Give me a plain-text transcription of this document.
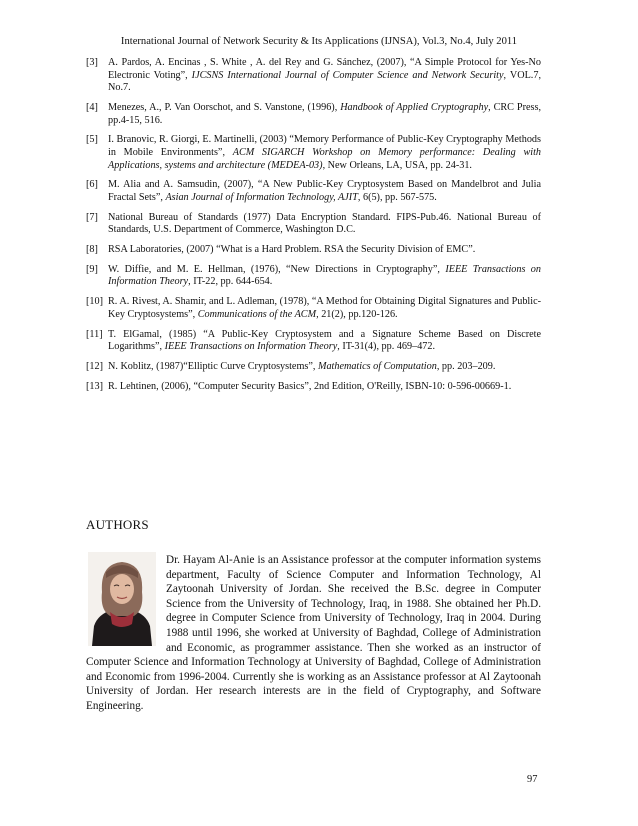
International Journal of Network Security & Its Applications (IJNSA), Vol.3, No.4, July 2011
[3] A. Pardos, A. Encinas , S. White , A. del Rey and G. Sánchez, (2007), “A Simple Protocol for Yes-No Electronic Voting”, IJCSNS International Journal of Computer Science and Network Security, VOL.7, No.7.
[4] Menezes, A., P. Van Oorschot, and S. Vanstone, (1996), Handbook of Applied Cryptography, CRC Press, pp.4-15, 516.
[5] I. Branovic, R. Giorgi, E. Martinelli, (2003) “Memory Performance of Public-Key Cryptography Methods in Mobile Environments”, ACM SIGARCH Workshop on Memory performance: Dealing with Applications, systems and architecture (MEDEA-03), New Orleans, LA, USA, pp. 24-31.
[6] M. Alia and A. Samsudin, (2007), “A New Public-Key Cryptosystem Based on Mandelbrot and Julia Fractal Sets”, Asian Journal of Information Technology, AJIT, 6(5), pp. 567-575.
[7] National Bureau of Standards (1977) Data Encryption Standard. FIPS-Pub.46. National Bureau of Standards, U.S. Department of Commerce, Washington D.C.
[8] RSA Laboratories, (2007) “What is a Hard Problem. RSA the Security Division of EMC”.
[9] W. Diffie, and M. E. Hellman, (1976), “New Directions in Cryptography”, IEEE Transactions on Information Theory, IT-22, pp. 644-654.
[10] R. A. Rivest, A. Shamir, and L. Adleman, (1978), “A Method for Obtaining Digital Signatures and Public-Key Cryptosystems”, Communications of the ACM, 21(2), pp.120-126.
[11] T. ElGamal, (1985) “A Public-Key Cryptosystem and a Signature Scheme Based on Discrete Logarithms”, IEEE Transactions on Information Theory, IT-31(4), pp. 469–472.
[12] N. Koblitz, (1987)“Elliptic Curve Cryptosystems”, Mathematics of Computation, pp. 203–209.
[13] R. Lehtinen, (2006), “Computer Security Basics”, 2nd Edition, O'Reilly, ISBN-10: 0-596-00669-1.
AUTHORS

Dr. Hayam Al-Anie is an Assistance professor at the computer information systems department, Faculty of Science Computer and Information Technology, Al Zaytoonah University of Jordan. She received the B.Sc. degree in Computer Science from the University of Technology, Iraq, in 1988. She obtained her Ph.D. degree in Computer Science from University of Technology, Iraq in 2004. During 1988 until 1996, she worked at University of Baghdad, College of Administration and Economic, as programmer assistance. Then she worked as an instructor of Computer Science and Information Technology at University of Baghdad, College of Administration and Economic from 1996-2004. Currently she is working as an Assistance professor at Al Zaytoonah University of Jordan. Her research interests are in the field of Cryptography, and Software Engineering.

97
